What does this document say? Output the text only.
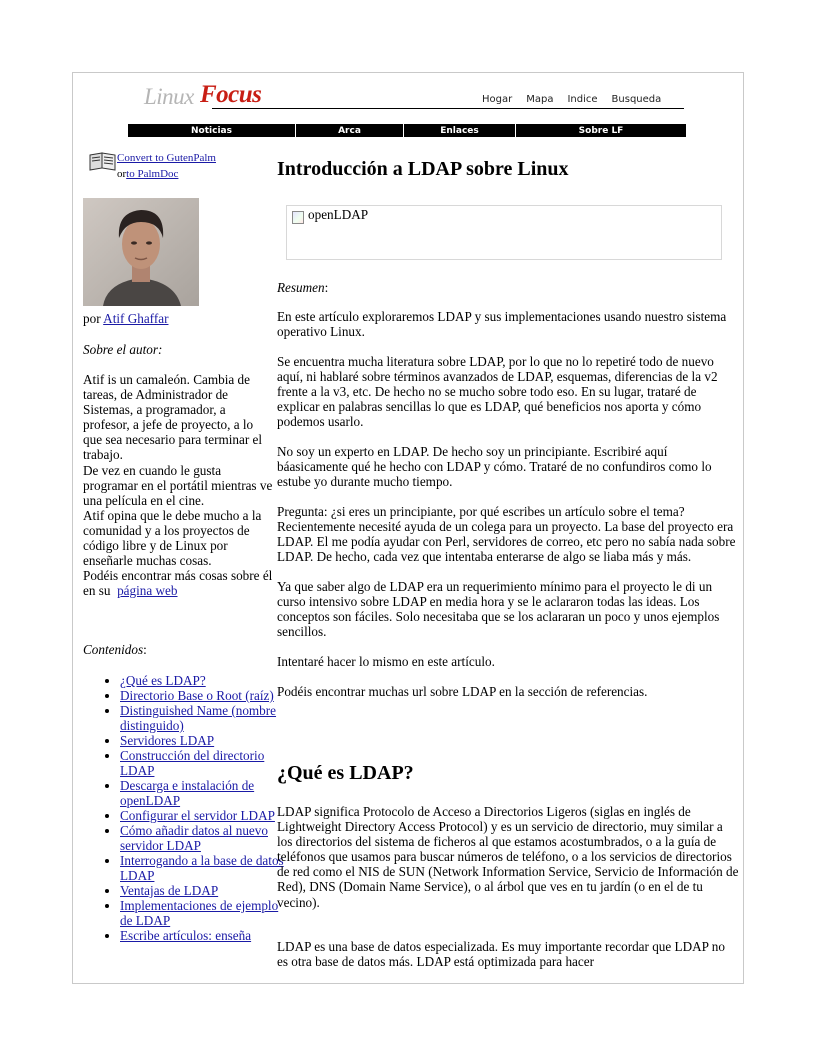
Linux Focus	Hogar Mapa Indice Busqueda
Noticias	Arca	Enlaces	Sobre LF
Convert to GutenPalm
orto PalmDoc
por Atif Ghaffar
Sobre el autor:

Atif is un camaleón. Cambia de tareas, de Administrador de Sistemas, a programador, a profesor, a jefe de proyecto, a lo que sea necesario para terminar el trabajo.

De vez en cuando le gusta programar en el portátil mientras ve una película en el cine.

Atif opina que le debe mucho a la comunidad y a los proyectos de código libre y de Linux por enseñarle muchas cosas.

Podéis encontrar más cosas sobre él en su página web

Contenidos:
• ¿Qué es LDAP?
• Directorio Base o Root (raíz)
• Distinguished Name (nombre distinguido)
• Servidores LDAP
• Construcción del directorio LDAP
• Descarga e instalación de openLDAP
• Configurar el servidor LDAP
• Cómo añadir datos al nuevo servidor LDAP
• Interrogando a la base de datos LDAP
• Ventajas de LDAP
• Implementaciones de ejemplo de LDAP
• Escribe artículos: enseña
Introducción a LDAP sobre Linux
openLDAP
Resumen:

En este artículo exploraremos LDAP y sus implementaciones usando nuestro sistema operativo Linux.

Se encuentra mucha literatura sobre LDAP, por lo que no lo repetiré todo de nuevo aquí, ni hablaré sobre términos avanzados de LDAP, esquemas, diferencias de la v2 frente a la v3, etc. De hecho no se mucho sobre todo eso. En su lugar, trataré de explicar en palabras sencillas lo que es LDAP, qué beneficios nos aporta y cómo podemos usarlo.

No soy un experto en LDAP. De hecho soy un principiante. Escribiré aquí báasicamente qué he hecho con LDAP y cómo. Trataré de no confundiros como lo estube yo durante mucho tiempo.

Pregunta: ¿si eres un principiante, por qué escribes un artículo sobre el tema? Recientemente necesité ayuda de un colega para un proyecto. La base del proyecto era LDAP. El me podía ayudar con Perl, servidores de correo, etc pero no sabía nada sobre LDAP. De hecho, cada vez que intentaba enterarse de algo se liaba más y más.

Ya que saber algo de LDAP era un requerimiento mínimo para el proyecto le di un curso intensivo sobre LDAP en media hora y se le aclararon todas las ideas. Los conceptos son fáciles. Solo necesitaba que se los aclararan un poco y unos ejemplos sencillos.

Intentaré hacer lo mismo en este artículo.

Podéis encontrar muchas url sobre LDAP en la sección de referencias.

¿Qué es LDAP?

LDAP significa Protocolo de Acceso a Directorios Ligeros (siglas en inglés de Lightweight Directory Access Protocol) y es un servicio de directorio, muy similar a los directorios del sistema de ficheros al que estamos acostumbrados, o a la guía de teléfonos que usamos para buscar números de teléfono, o a los servicios de directorios de red como el NIS de SUN (Network Information Service, Servicio de Información de Red), DNS (Domain Name Service), o al árbol que ves en tu jardín (o en el de tu vecino).

LDAP es una base de datos especializada. Es muy importante recordar que LDAP no es otra base de datos más. LDAP está optimizada para hacer
